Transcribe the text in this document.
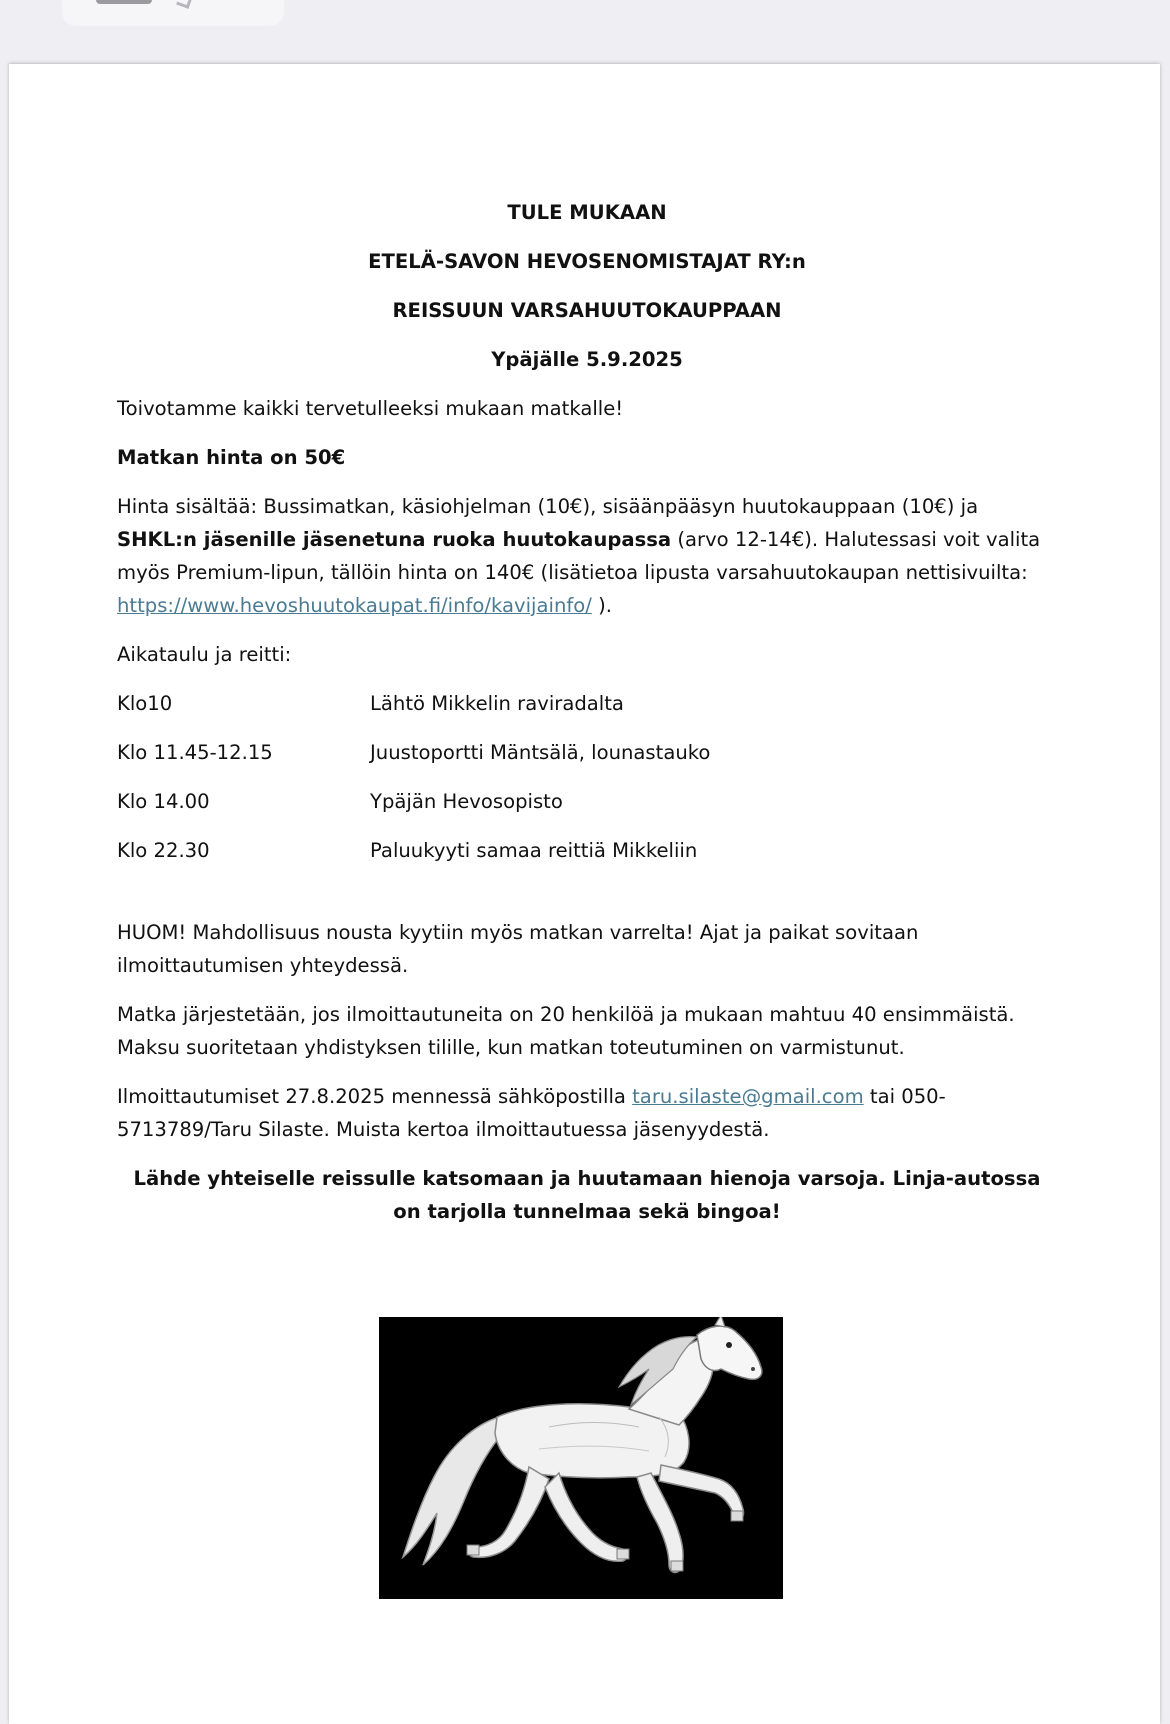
TULE MUKAAN
ETELÄ-SAVON HEVOSENOMISTAJAT RY:n
REISSUUN VARSAHUUTOKAUPPAAN
Ypäjälle 5.9.2025

Toivotamme kaikki tervetulleeksi mukaan matkalle!

Matkan hinta on 50€

Hinta sisältää: Bussimatkan, käsiohjelman (10€), sisäänpääsyn huutokauppaan (10€) ja SHKL:n jäsenille jäsenetuna ruoka huutokaupassa (arvo 12-14€). Halutessasi voit valita myös Premium-lipun, tällöin hinta on 140€ (lisätietoa lipusta varsahuutokaupan nettisivuilta: https://www.hevoshuutokaupat.fi/info/kavijainfo/ ).

Aikataulu ja reitti:

Klo10	Lähtö Mikkelin raviradalta
Klo 11.45-12.15	Juustoportti Mäntsälä, lounastauko
Klo 14.00	Ypäjän Hevosopisto
Klo 22.30	Paluukyyti samaa reittiä Mikkeliin

HUOM! Mahdollisuus nousta kyytiin myös matkan varrelta! Ajat ja paikat sovitaan ilmoittautumisen yhteydessä.

Matka järjestetään, jos ilmoittautuneita on 20 henkilöä ja mukaan mahtuu 40 ensimmäistä. Maksu suoritetaan yhdistyksen tilille, kun matkan toteutuminen on varmistunut.

Ilmoittautumiset 27.8.2025 mennessä sähköpostilla taru.silaste@gmail.com tai 050-5713789/Taru Silaste. Muista kertoa ilmoittautuessa jäsenyydestä.

Lähde yhteiselle reissulle katsomaan ja huutamaan hienoja varsoja. Linja-autossa on tarjolla tunnelmaa sekä bingoa!
